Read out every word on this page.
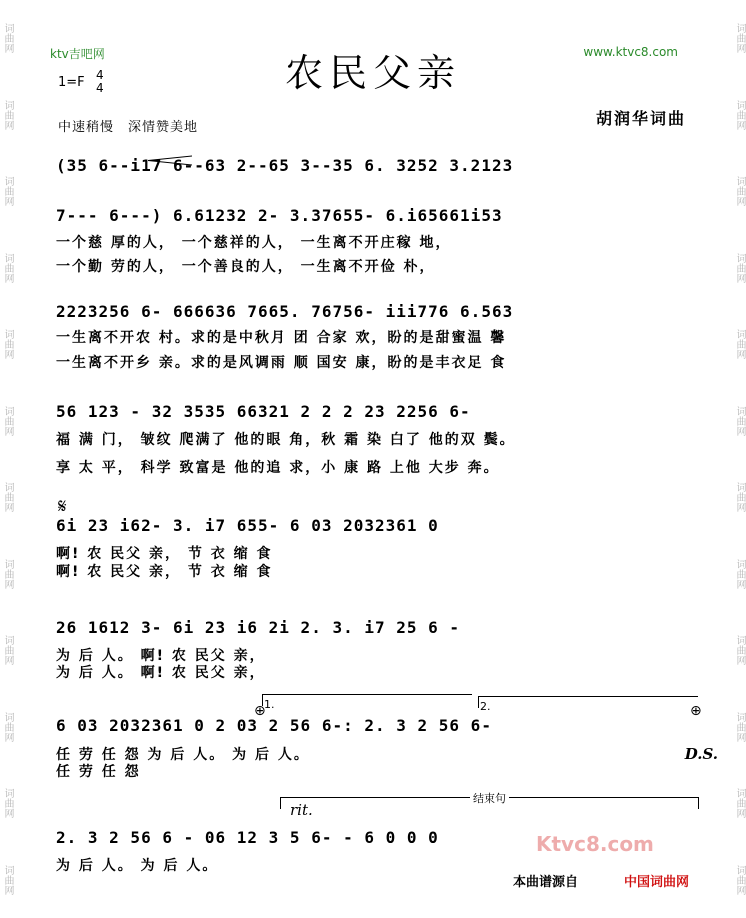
词曲网
词曲网
词曲网
词曲网
词曲网
词曲网
词曲网
词曲网
词曲网
词曲网
词曲网
词曲网
词曲网
词曲网
词曲网
词曲网
词曲网
词曲网
词曲网
词曲网
词曲网
词曲网
词曲网
词曲网
ktv吉吧网	www.ktvc8.com
农民父亲
1=F 4
4
中速稍慢　深情赞美地	胡润华词曲
(35 6--i17 6--63 2--65 3--35 6. 3252 3.2123
7--- 6---) 6.61232 2- 3.37655- 6.i65661i53
一个慈 厚的人， 一个慈祥的人， 一生离不开庄稼 地，
一个勤 劳的人， 一个善良的人， 一生离不开俭 朴，
2223256 6- 666636 7665. 76756- iii776 6.563
一生离不开农 村。求的是中秋月 团 合家 欢，盼的是甜蜜温 馨
一生离不开乡 亲。求的是风调雨 顺 国安 康，盼的是丰衣足 食
56 123 - 32 3535 66321 2 2 2 23 2256 6-
福 满 门， 皱纹 爬满了 他的眼 角，秋 霜 染 白了 他的双 鬓。
享 太 平， 科学 致富是 他的追 求，小 康 路 上他 大步 奔。
𝄋
6i 23 i62- 3. i7 655- 6 03 2032361 0
啊! 农 民父 亲， 节 衣 缩 食
啊! 农 民父 亲， 节 衣 缩 食
26 1612 3- 6i 23 i6 2i 2. 3. i7 25 6 -
为 后 人。 啊! 农 民父 亲，
为 后 人。 啊! 农 民父 亲，
1.	2.
⊕	⊕
6 03 2032361 0 2 03 2 56 6-: 2. 3 2 56 6-
任 劳 任 怨 为 后 人。 为 后 人。
任 劳 任 怨
D.S.
结束句
rit.
2. 3 2 56 6 - 06 12 3 5 6- - 6 0 0 0
为 后 人。 为 后 人。
Ktvc8.com
本曲谱源自	中国词曲网
